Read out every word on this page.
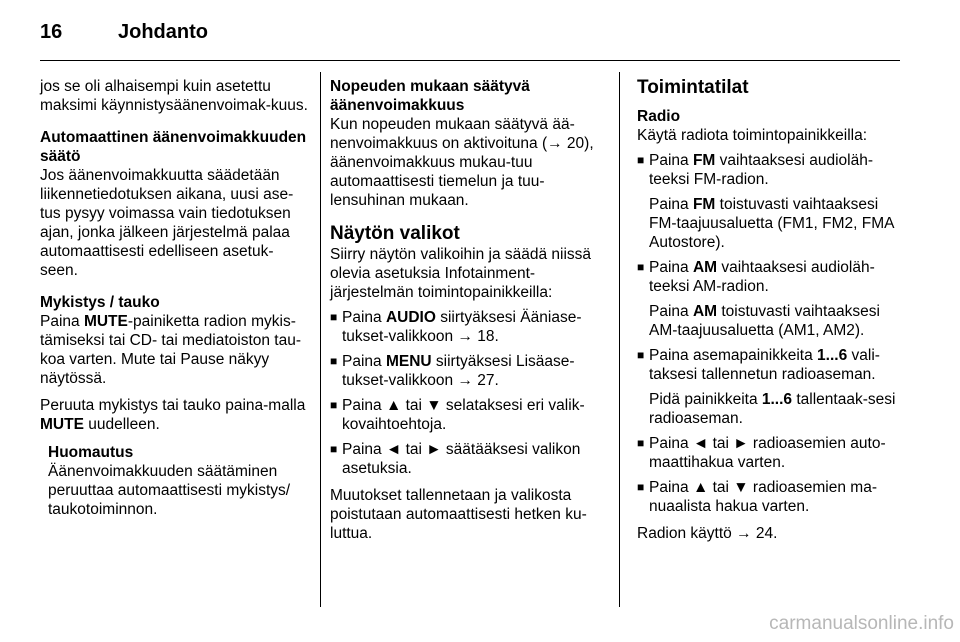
16	Johdanto

jos se oli alhaisempi kuin asetettu maksimi käynnistysäänenvoimak-kuus.

Automaattinen äänenvoimakkuuden säätö

Jos äänenvoimakkuutta säädetään liikennetiedotuksen aikana, uusi ase-tus pysyy voimassa vain tiedotuksen ajan, jonka jälkeen järjestelmä palaa automaattisesti edelliseen asetuk-seen.

Mykistys / tauko

Paina MUTE-painiketta radion mykis-tämiseksi tai CD- tai mediatoiston tau-koa varten. Mute tai Pause näkyy näytössä.

Peruuta mykistys tai tauko paina-malla MUTE uudelleen.

Huomautus

Äänenvoimakkuuden säätäminen peruuttaa automaattisesti mykistys/ taukotoiminnon.

Nopeuden mukaan säätyvä äänenvoimakkuus

Kun nopeuden mukaan säätyvä ää-nenvoimakkuus on aktivoituna (→ 20), äänenvoimakkuus mukau-tuu automaattisesti tiemelun ja tuu-lensuhinan mukaan.

Näytön valikot

Siirry näytön valikoihin ja säädä niissä olevia asetuksia Infotainment-järjestelmän toimintopainikkeilla:

■ Paina AUDIO siirtyäksesi Ääniase-tukset-valikkoon → 18.
■ Paina MENU siirtyäksesi Lisäase-tukset-valikkoon → 27.
■ Paina ▲ tai ▼ selataksesi eri valik-kovaihtoehtoja.
■ Paina ◄ tai ► säätääksesi valikon asetuksia.

Muutokset tallennetaan ja valikosta poistutaan automaattisesti hetken ku-luttua.

Toimintatilat

Radio

Käytä radiota toimintopainikkeilla:

■ Paina FM vaihtaaksesi audioläh-teeksi FM-radion.

Paina FM toistuvasti vaihtaaksesi FM-taajuusaluetta (FM1, FM2, FMA Autostore).

■ Paina AM vaihtaaksesi audioläh-teeksi AM-radion.

Paina AM toistuvasti vaihtaaksesi AM-taajuusaluetta (AM1, AM2).

■ Paina asemapainikkeita 1...6 vali-taksesi tallennetun radioaseman.

Pidä painikkeita 1...6 tallentaak-sesi radioaseman.

■ Paina ◄ tai ► radioasemien auto-maattihakua varten.
■ Paina ▲ tai ▼ radioasemien ma-nuaalista hakua varten.

Radion käyttö → 24.

carmanualsonline.info
